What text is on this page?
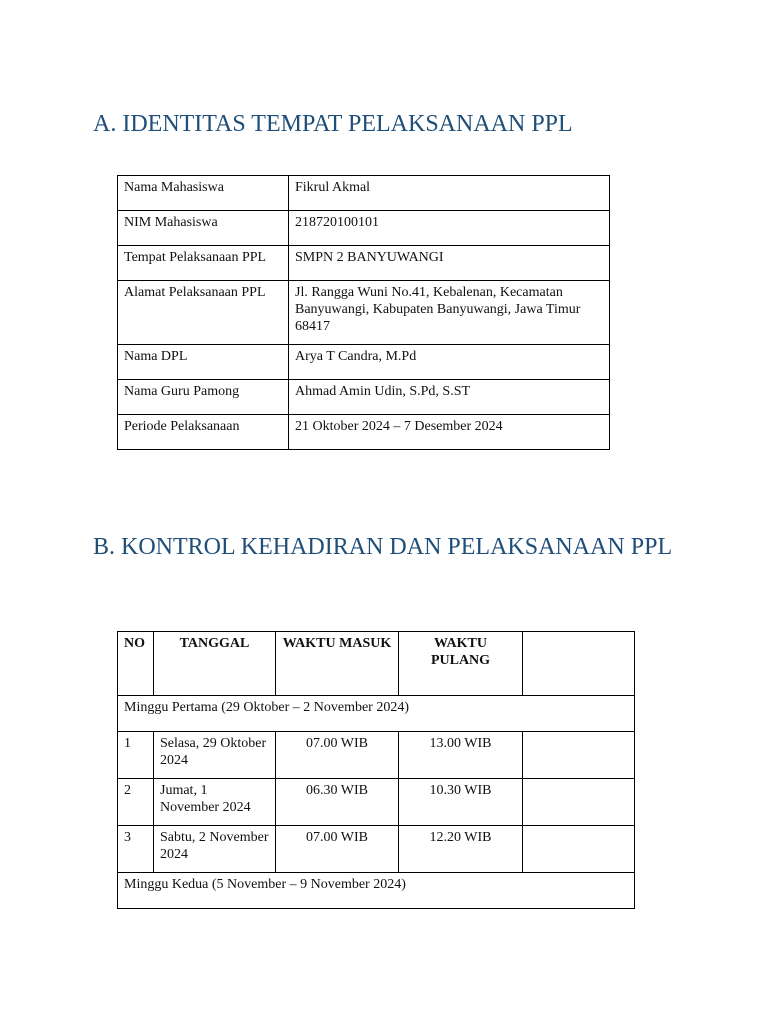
A. IDENTITAS TEMPAT PELAKSANAAN PPL
Nama Mahasiswa	Fikrul Akmal
NIM Mahasiswa	218720100101
Tempat Pelaksanaan PPL	SMPN 2 BANYUWANGI
Alamat Pelaksanaan PPL	Jl. Rangga Wuni No.41, Kebalenan, Kecamatan Banyuwangi, Kabupaten Banyuwangi, Jawa Timur 68417
Nama DPL	Arya T Candra, M.Pd
Nama Guru Pamong	Ahmad Amin Udin, S.Pd, S.ST
Periode Pelaksanaan	21 Oktober 2024 – 7 Desember 2024
B. KONTROL KEHADIRAN DAN PELAKSANAAN PPL
NO	TANGGAL	WAKTU MASUK	WAKTU PULANG	
Minggu Pertama (29 Oktober – 2 November 2024)				
1	Selasa, 29 Oktober 2024	07.00 WIB	13.00 WIB	
2	Jumat, 1 November 2024	06.30 WIB	10.30 WIB	
3	Sabtu, 2 November 2024	07.00 WIB	12.20 WIB	
Minggu Kedua (5 November – 9 November 2024)				
